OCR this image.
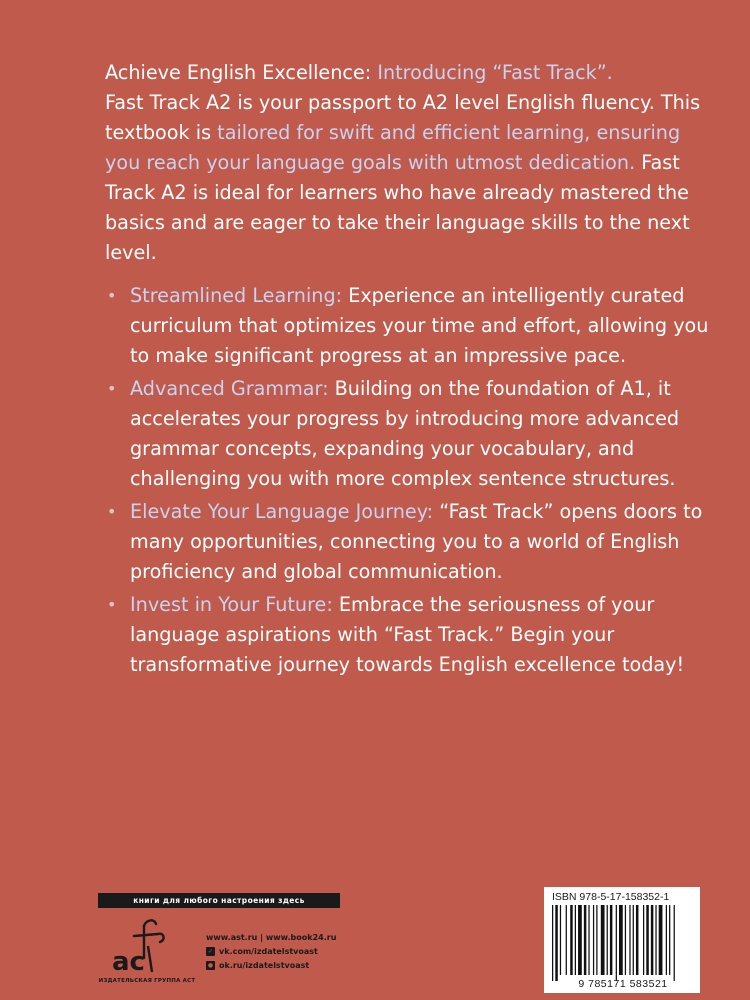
Achieve English Excellence: Introducing “Fast Track”.
Fast Track A2 is your passport to A2 level English fluency. This textbook is tailored for swift and efficient learning, ensuring you reach your language goals with utmost dedication. Fast Track A2 is ideal for learners who have already mastered the basics and are eager to take their language skills to the next level.

• Streamlined Learning: Experience an intelligently curated curriculum that optimizes your time and effort, allowing you to make significant progress at an impressive pace.
• Advanced Grammar: Building on the foundation of A1, it accelerates your progress by introducing more advanced grammar concepts, expanding your vocabulary, and challenging you with more complex sentence structures.
• Elevate Your Language Journey: “Fast Track” opens doors to many opportunities, connecting you to a world of English proficiency and global communication.
• Invest in Your Future: Embrace the seriousness of your language aspirations with “Fast Track.” Begin your transformative journey towards English excellence today!
книги для любого настроения здесь
ac
ИЗДАТЕЛЬСКАЯ ГРУППА АСТ
www.ast.ru | www.book24.ru
✓ vk.com/izdatelstvoast
● ok.ru/izdatelstvoast
ISBN 978-5-17-158352-1
9 785171 583521
